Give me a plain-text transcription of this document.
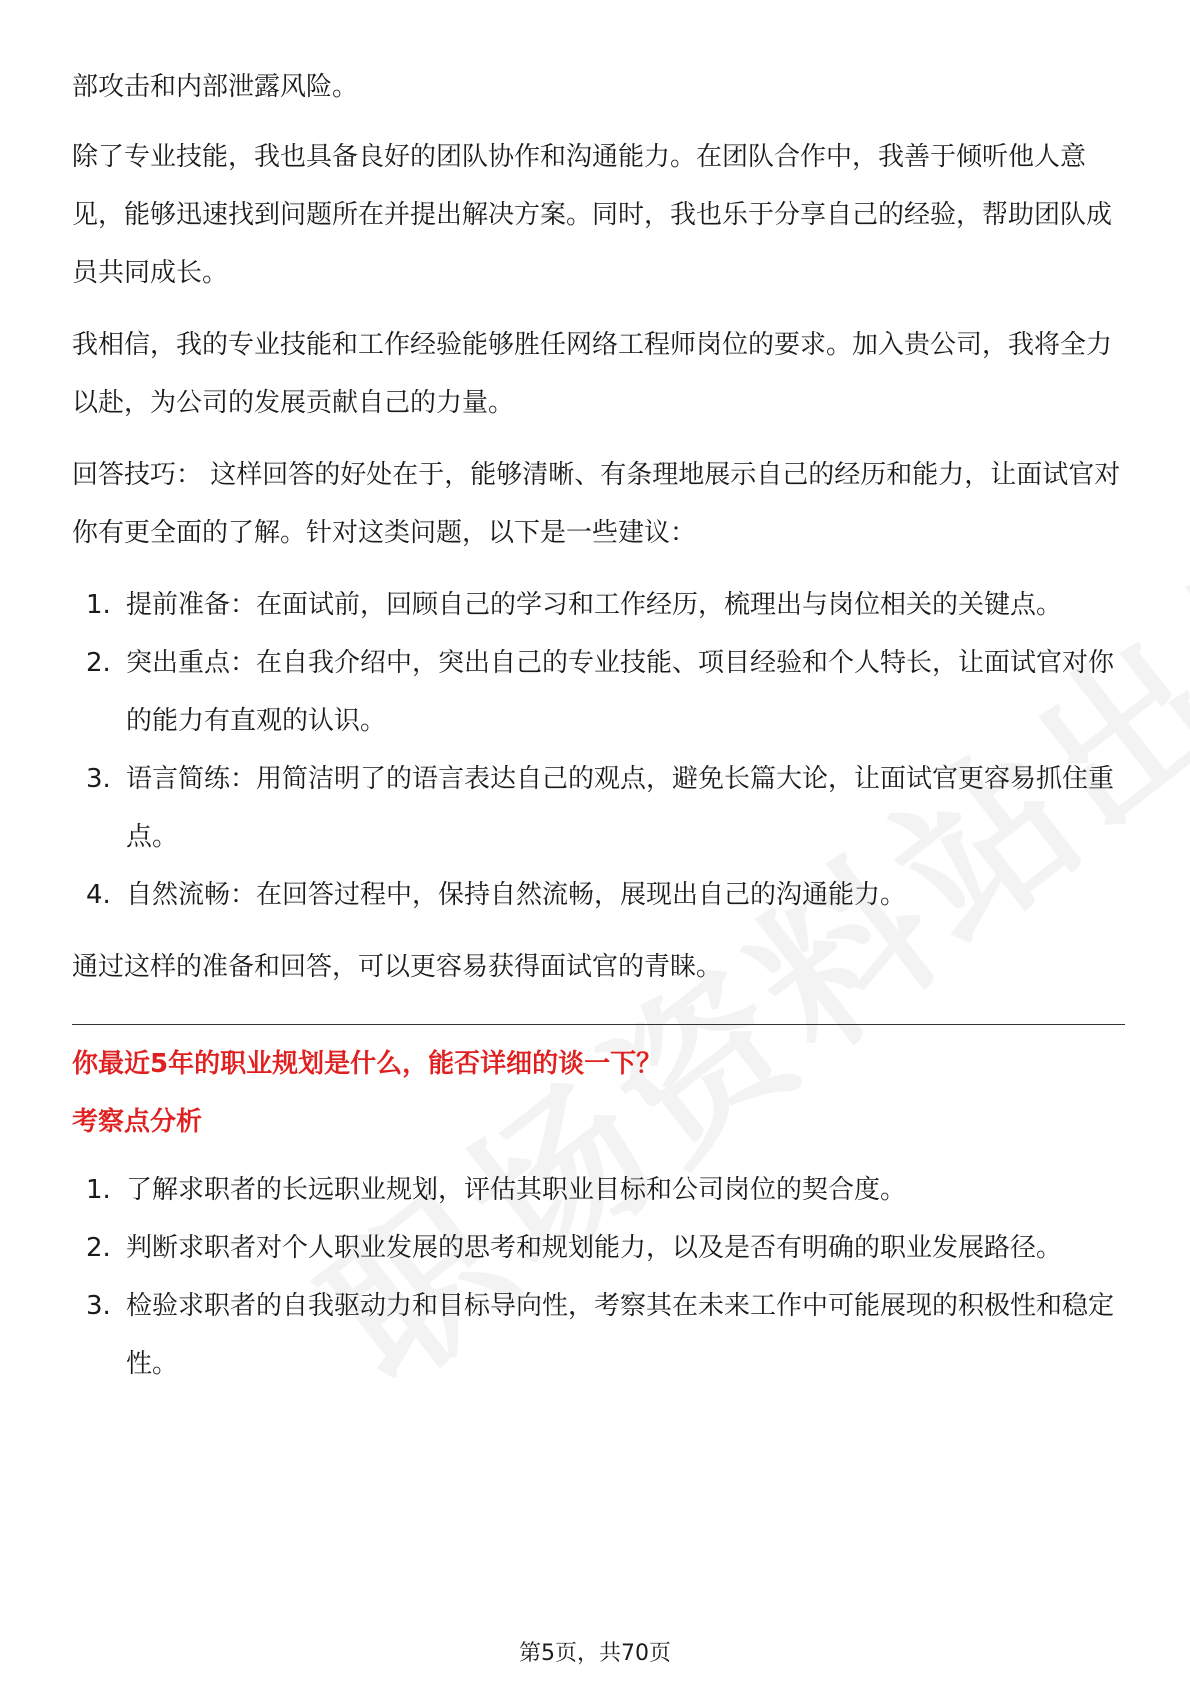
部攻击和内部泄露风险。

除了专业技能，我也具备良好的团队协作和沟通能力。在团队合作中，我善于倾听他人意见，能够迅速找到问题所在并提出解决方案。同时，我也乐于分享自己的经验，帮助团队成员共同成长。

我相信，我的专业技能和工作经验能够胜任网络工程师岗位的要求。加入贵公司，我将全力以赴，为公司的发展贡献自己的力量。

回答技巧： 这样回答的好处在于，能够清晰、有条理地展示自己的经历和能力，让面试官对你有更全面的了解。针对这类问题，以下是一些建议：

1. 提前准备：在面试前，回顾自己的学习和工作经历，梳理出与岗位相关的关键点。
2. 突出重点：在自我介绍中，突出自己的专业技能、项目经验和个人特长，让面试官对你的能力有直观的认识。
3. 语言简练：用简洁明了的语言表达自己的观点，避免长篇大论，让面试官更容易抓住重点。
4. 自然流畅：在回答过程中，保持自然流畅，展现出自己的沟通能力。

通过这样的准备和回答，可以更容易获得面试官的青睐。

你最近5年的职业规划是什么，能否详细的谈一下？

考察点分析

1. 了解求职者的长远职业规划，评估其职业目标和公司岗位的契合度。
2. 判断求职者对个人职业发展的思考和规划能力，以及是否有明确的职业发展路径。
3. 检验求职者的自我驱动力和目标导向性，考察其在未来工作中可能展现的积极性和稳定性。
第5页，共70页
